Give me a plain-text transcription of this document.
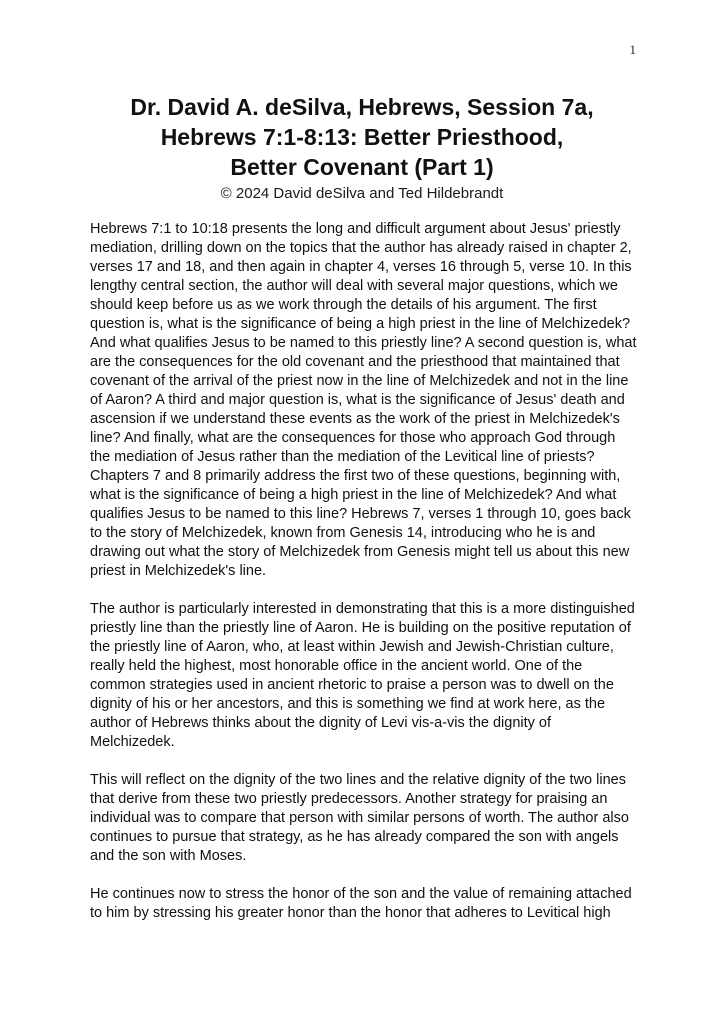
1
Dr. David A. deSilva, Hebrews, Session 7a,
Hebrews 7:1-8:13: Better Priesthood,
Better Covenant (Part 1)
© 2024 David deSilva and Ted Hildebrandt

Hebrews 7:1 to 10:18 presents the long and difficult argument about Jesus' priestly mediation, drilling down on the topics that the author has already raised in chapter 2, verses 17 and 18, and then again in chapter 4, verses 16 through 5, verse 10. In this lengthy central section, the author will deal with several major questions, which we should keep before us as we work through the details of his argument. The first question is, what is the significance of being a high priest in the line of Melchizedek? And what qualifies Jesus to be named to this priestly line? A second question is, what are the consequences for the old covenant and the priesthood that maintained that covenant of the arrival of the priest now in the line of Melchizedek and not in the line of Aaron? A third and major question is, what is the significance of Jesus' death and ascension if we understand these events as the work of the priest in Melchizedek's line? And finally, what are the consequences for those who approach God through the mediation of Jesus rather than the mediation of the Levitical line of priests? Chapters 7 and 8 primarily address the first two of these questions, beginning with, what is the significance of being a high priest in the line of Melchizedek? And what qualifies Jesus to be named to this line? Hebrews 7, verses 1 through 10, goes back to the story of Melchizedek, known from Genesis 14, introducing who he is and drawing out what the story of Melchizedek from Genesis might tell us about this new priest in Melchizedek's line.

The author is particularly interested in demonstrating that this is a more distinguished priestly line than the priestly line of Aaron. He is building on the positive reputation of the priestly line of Aaron, who, at least within Jewish and Jewish-Christian culture, really held the highest, most honorable office in the ancient world. One of the common strategies used in ancient rhetoric to praise a person was to dwell on the dignity of his or her ancestors, and this is something we find at work here, as the author of Hebrews thinks about the dignity of Levi vis-a-vis the dignity of Melchizedek.

This will reflect on the dignity of the two lines and the relative dignity of the two lines that derive from these two priestly predecessors. Another strategy for praising an individual was to compare that person with similar persons of worth. The author also continues to pursue that strategy, as he has already compared the son with angels and the son with Moses.

He continues now to stress the honor of the son and the value of remaining attached to him by stressing his greater honor than the honor that adheres to Levitical high
